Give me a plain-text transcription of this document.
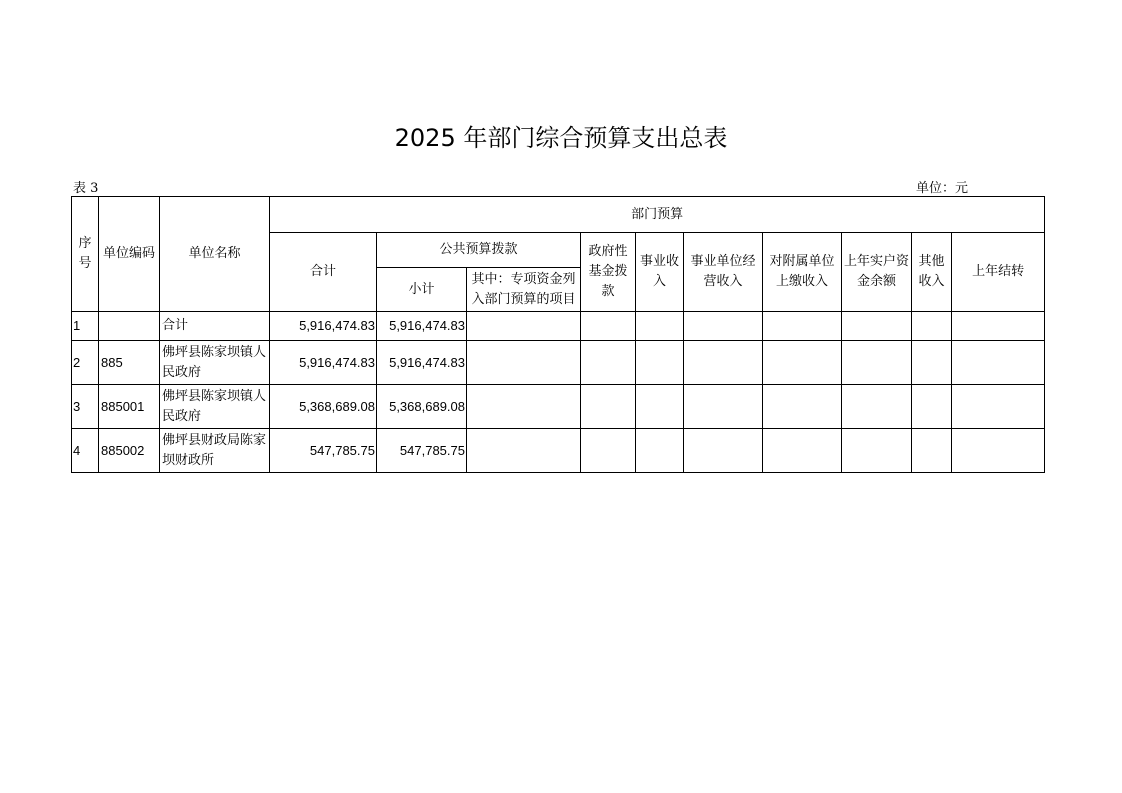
2025 年部门综合预算支出总表
表 3	单位：元
序号	单位编码	单位名称	部门预算									
			合计	公共预算拨款		政府性基金拨款	事业收入	事业单位经营收入	对附属单位上缴收入	上年实户资金余额	其他收入	上年结转
				小计	其中：专项资金列入部门预算的项目							
1		合计	5,916,474.83	5,916,474.83								
2	885	佛坪县陈家坝镇人民政府	5,916,474.83	5,916,474.83								
3	885001	佛坪县陈家坝镇人民政府	5,368,689.08	5,368,689.08								
4	885002	佛坪县财政局陈家坝财政所	547,785.75	547,785.75								
